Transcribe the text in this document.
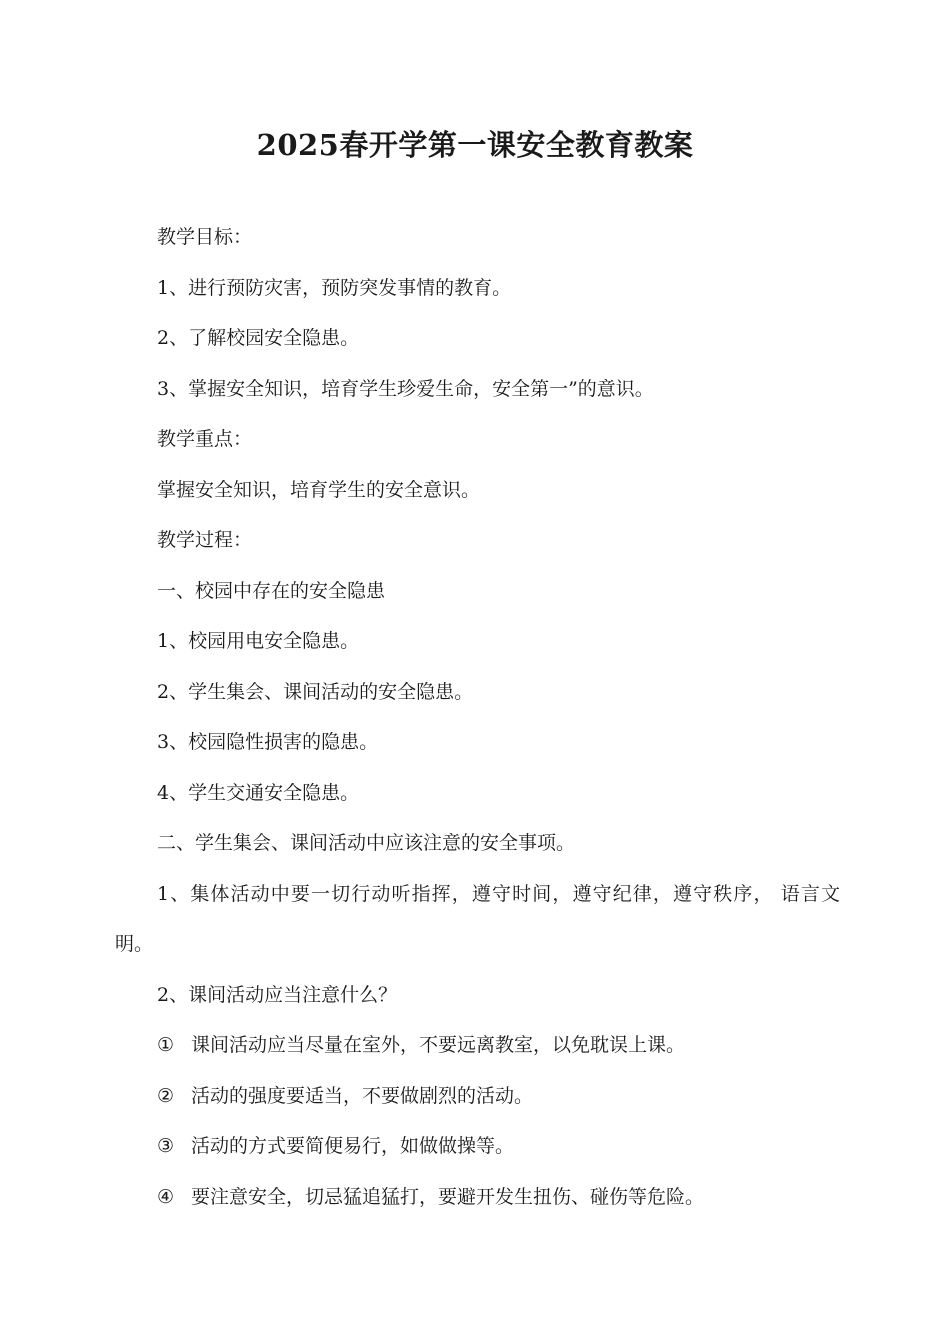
2025春开学第一课安全教育教案

教学目标：

1、进行预防灾害，预防突发事情的教育。

2、了解校园安全隐患。

3、掌握安全知识，培育学生珍爱生命，安全第一”的意识。

教学重点：

掌握安全知识，培育学生的安全意识。

教学过程：

一、校园中存在的安全隐患

1、校园用电安全隐患。

2、学生集会、课间活动的安全隐患。

3、校园隐性损害的隐患。

4、学生交通安全隐患。

二、学生集会、课间活动中应该注意的安全事项。

1、集体活动中要一切行动听指挥，遵守时间，遵守纪律，遵守秩序， 语言文明。

2、课间活动应当注意什么？

① 课间活动应当尽量在室外，不要远离教室，以免耽误上课。

② 活动的强度要适当，不要做剧烈的活动。

③ 活动的方式要简便易行，如做做操等。

④ 要注意安全，切忌猛追猛打，要避开发生扭伤、碰伤等危险。
